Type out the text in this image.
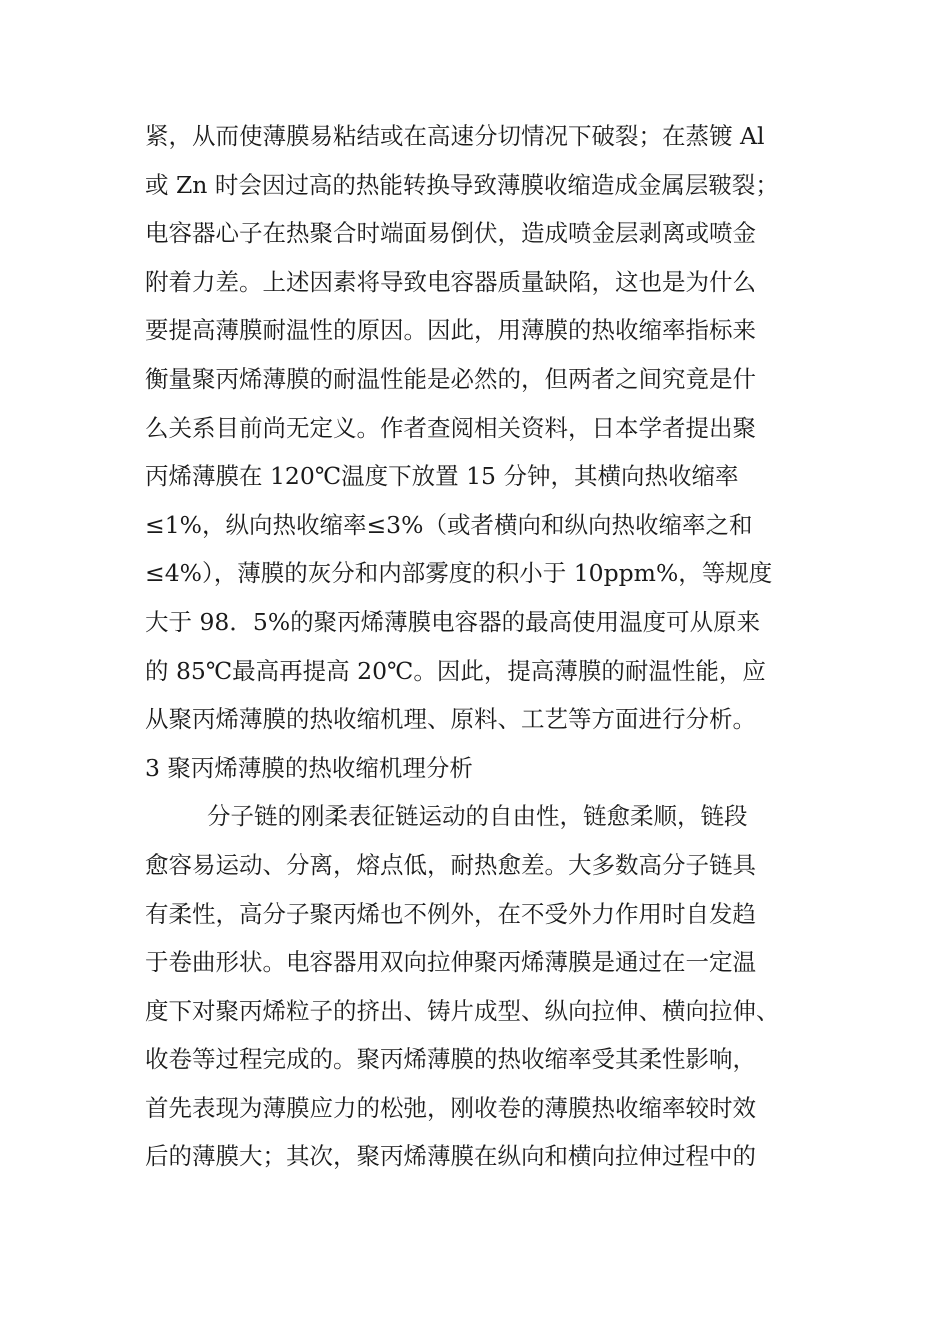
紧，从而使薄膜易粘结或在高速分切情况下破裂；在蒸镀 Al
或 Zn 时会因过高的热能转换导致薄膜收缩造成金属层皲裂；
电容器心子在热聚合时端面易倒伏，造成喷金层剥离或喷金
附着力差。上述因素将导致电容器质量缺陷，这也是为什么
要提高薄膜耐温性的原因。因此，用薄膜的热收缩率指标来
衡量聚丙烯薄膜的耐温性能是必然的，但两者之间究竟是什
么关系目前尚无定义。作者查阅相关资料，日本学者提出聚
丙烯薄膜在 120℃温度下放置 15 分钟，其横向热收缩率
≤1%，纵向热收缩率≤3%（或者横向和纵向热收缩率之和
≤4%），薄膜的灰分和内部雾度的积小于 10ppm%，等规度
大于 98．5%的聚丙烯薄膜电容器的最高使用温度可从原来
的 85℃最高再提高 20℃。因此，提高薄膜的耐温性能，应
从聚丙烯薄膜的热收缩机理、原料、工艺等方面进行分析。
3 聚丙烯薄膜的热收缩机理分析
分子链的刚柔表征链运动的自由性，链愈柔顺，链段
愈容易运动、分离，熔点低，耐热愈差。大多数高分子链具
有柔性，高分子聚丙烯也不例外，在不受外力作用时自发趋
于卷曲形状。电容器用双向拉伸聚丙烯薄膜是通过在一定温
度下对聚丙烯粒子的挤出、铸片成型、纵向拉伸、横向拉伸、
收卷等过程完成的。聚丙烯薄膜的热收缩率受其柔性影响，
首先表现为薄膜应力的松弛，刚收卷的薄膜热收缩率较时效
后的薄膜大；其次，聚丙烯薄膜在纵向和横向拉伸过程中的
